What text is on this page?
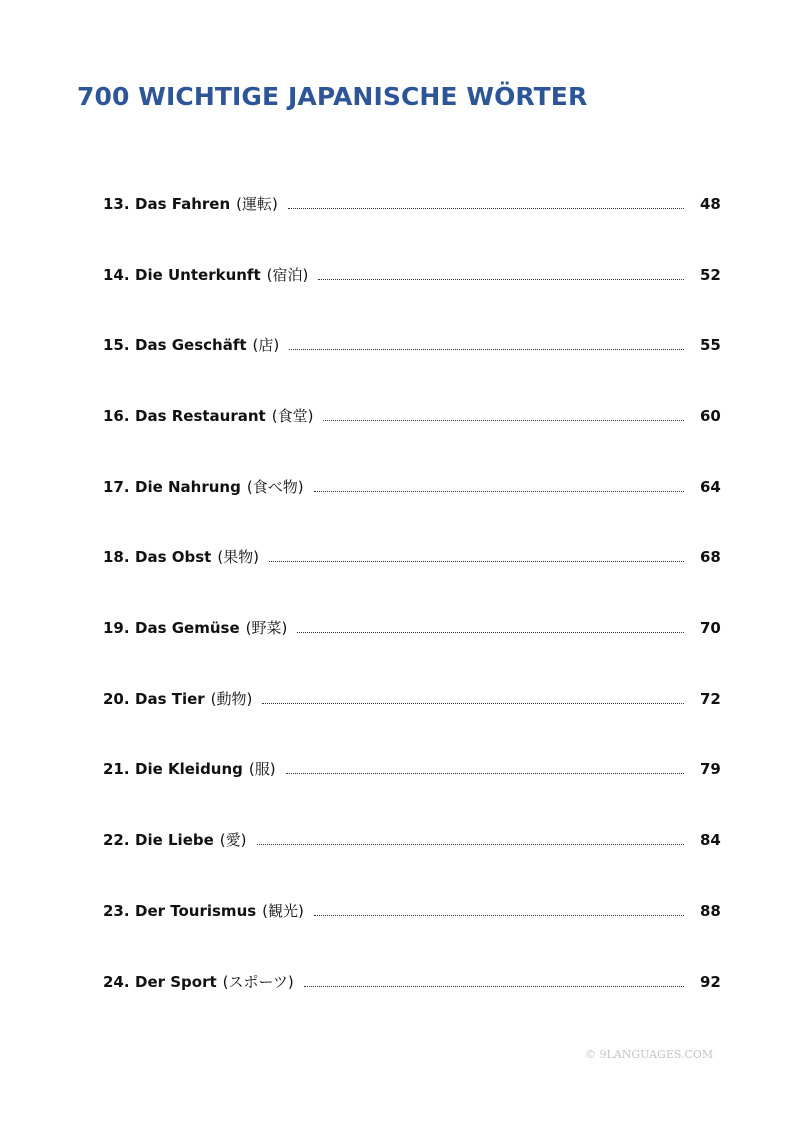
700 WICHTIGE JAPANISCHE WÖRTER
13. Das Fahren (運転)	48
14. Die Unterkunft (宿泊)	52
15. Das Geschäft (店)	55
16. Das Restaurant (食堂)	60
17. Die Nahrung (食べ物)	64
18. Das Obst (果物)	68
19. Das Gemüse (野菜)	70
20. Das Tier (動物)	72
21. Die Kleidung (服)	79
22. Die Liebe (愛)	84
23. Der Tourismus (観光)	88
24. Der Sport (スポーツ)	92
© 9LANGUAGES.COM
